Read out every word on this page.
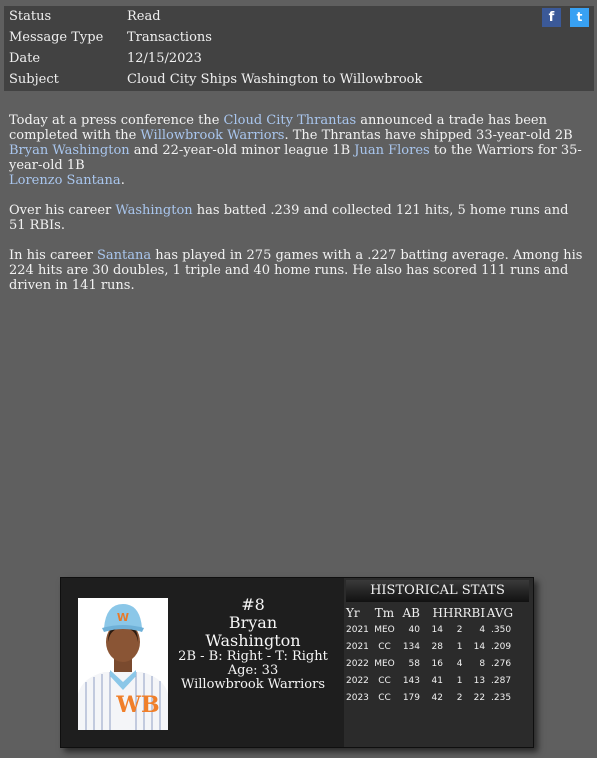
Status	Read
Message Type	Transactions
Date	12/15/2023
Subject	Cloud City Ships Washington to Willowbrook
f	t

Today at a press conference the Cloud City Thrantas announced a trade has been completed with the Willowbrook Warriors. The Thrantas have shipped 33-year-old 2B Bryan Washington and 22-year-old minor league 1B Juan Flores to the Warriors for 35-year-old 1B
Lorenzo Santana.

Over his career Washington has batted .239 and collected 121 hits, 5 home runs and 51 RBIs.

In his career Santana has played in 275 games with a .227 batting average. Among his 224 hits are 30 doubles, 1 triple and 40 home runs. He also has scored 111 runs and driven in 141 runs.

W
WB
#8
Bryan
Washington
2B - B: Right - T: Right
Age: 33
Willowbrook Warriors
HISTORICAL STATS
Yr	Tm	AB	H	HR	RBI	AVG
2021	MEO	40	14	2	4	.350
2021	CC	134	28	1	14	.209
2022	MEO	58	16	4	8	.276
2022	CC	143	41	1	13	.287
2023	CC	179	42	2	22	.235
